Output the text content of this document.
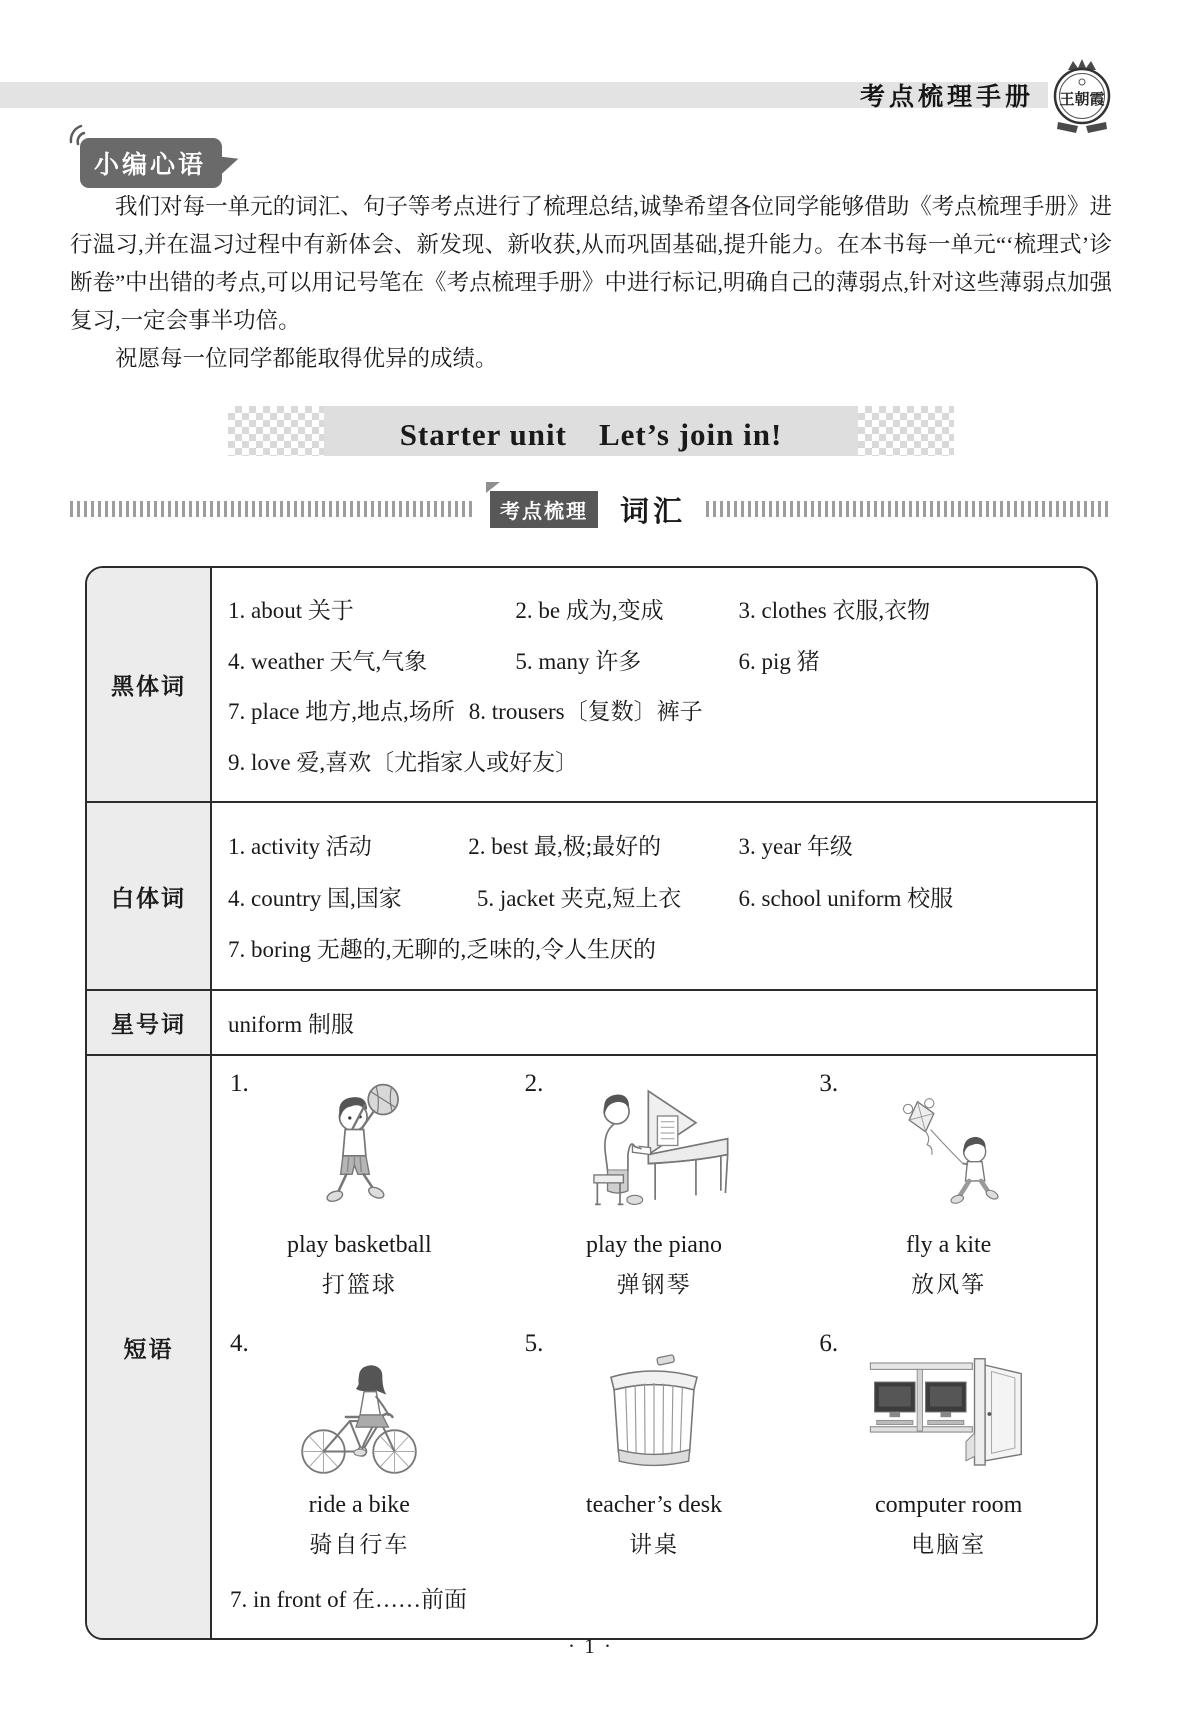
考点梳理手册	王朝霞
小编心语

我们对每一单元的词汇、句子等考点进行了梳理总结,诚挚希望各位同学能够借助《考点梳理手册》进行温习,并在温习过程中有新体会、新发现、新收获,从而巩固基础,提升能力。在本书每一单元“‘梳理式’诊断卷”中出错的考点,可以用记号笔在《考点梳理手册》中进行标记,明确自己的薄弱点,针对这些薄弱点加强复习,一定会事半功倍。

祝愿每一位同学都能取得优异的成绩。

Starter unit　Let’s join in!
考点梳理	词汇
黑体词
1. about 关于	2. be 成为,变成	3. clothes 衣服,衣物
4. weather 天气,气象	5. many 许多	6. pig 猪
7. place 地方,地点,场所 8. trousers〔复数〕裤子
9. love 爱,喜欢〔尤指家人或好友〕
白体词
1. activity 活动	2. best 最,极;最好的	3. year 年级
4. country 国,国家	5. jacket 夹克,短上衣	6. school uniform 校服
7. boring 无趣的,无聊的,乏味的,令人生厌的
星号词	uniform 制服
短语
1.
play basketball
打篮球
2.
play the piano
弹钢琴
3.
fly a kite
放风筝
4.
ride a bike
骑自行车
5.
teacher’s desk
讲桌
6.
computer room
电脑室
7. in front of 在……前面
· 1 ·
